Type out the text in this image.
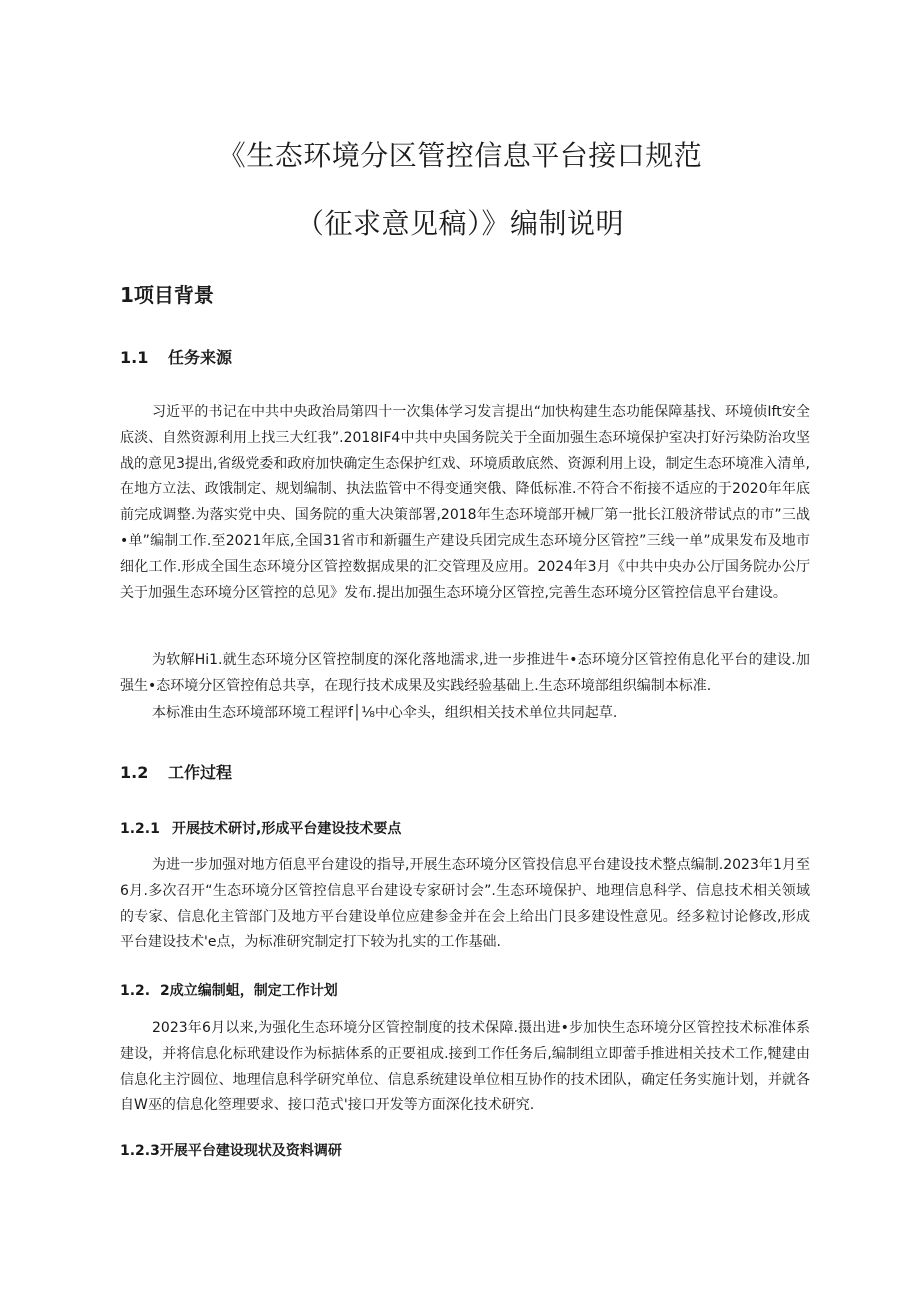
《生态环境分区管控信息平台接口规范
（征求意见稿）》编制说明
1项目背景
1.1 任务来源

习近平的书记在中共中央政治局第四十一次集体学习发言提出“加快构建生态功能保障基找、环境侦Ift安全底淡、自然资源利用上找三大红我”.2018IF4中共中央国务院关于全面加强生态环境保护室决打好污染防治攻坚战的意见3提出,省级党委和政府加快确定生态保护红戏、环境质敢底然、资源利用上设，制定生态环境准入清单,在地方立法、政饿制定、规划编制、执法监管中不得变通突俄、降低标准.不符合不衔接不适应的于2020年年底前完成调整.为落实党中央、国务院的重大决策部署,2018年生态环境部开械厂第一批长江般济带试点的市”三战•单”编制工作.至2021年底,全国31省市和新疆生产建设兵团完成生态环境分区管控”三线一单”成果发布及地市细化工作.形成全国生态环境分区管控数据成果的汇交管理及应用。2024年3月《中共中央办公厅国务院办公厅关于加强生态环境分区管控的总见》发布.提出加强生态环境分区管控,完善生态环境分区管控信息平台建设。

为软解Hi1.就生态环境分区管控制度的深化落地濡求,进一步推进牛•态环境分区管控侑息化平台的建设.加强生•态环境分区管控侑总共享，在现行技术成果及实践经验基础上.生态环境部组织编制本标准.

本标准由生态环境部环境工程评f│⅛中心伞头，组织相关技术单位共同起草.

1.2 工作过程
1.2.1 开展技术研讨,形成平台建设技术要点

为进一步加强对地方佰息平台建设的指导,开展生态环境分区管投信息平台建设技术整点编制.2023年1月至6月.多次召开“生态环境分区管控信息平台建设专家研讨会”.生态环境保护、地理信息科学、信息技术相关领域的专家、信息化主管部门及地方平台建设单位应建参金并在会上给出门艮多建设性意见。经多粒讨论修改,形成平台建设技术'e点，为标准研究制定打下较为扎实的工作基础.

1.2. 2成立编制蛆，制定工作计划

2023年6月以来,为强化生态环境分区管控制度的技术保障.摄出进•步加快生态环境分区管控技术标准体系建设，并将信息化标玳建设作为标掂体系的正要祖成.接到工作任务后,编制组立即蕾手推进相关技术工作,犍建由信息化主泞圆位、地理信息科学研究单位、信息系统建设单位相互协作的技术团队，确定任务实施计划，并就各自W巫的信息化箜理要求、接口范式'接口开发等方面深化技术研究.

1.2.3开展平台建设现状及资料调研
